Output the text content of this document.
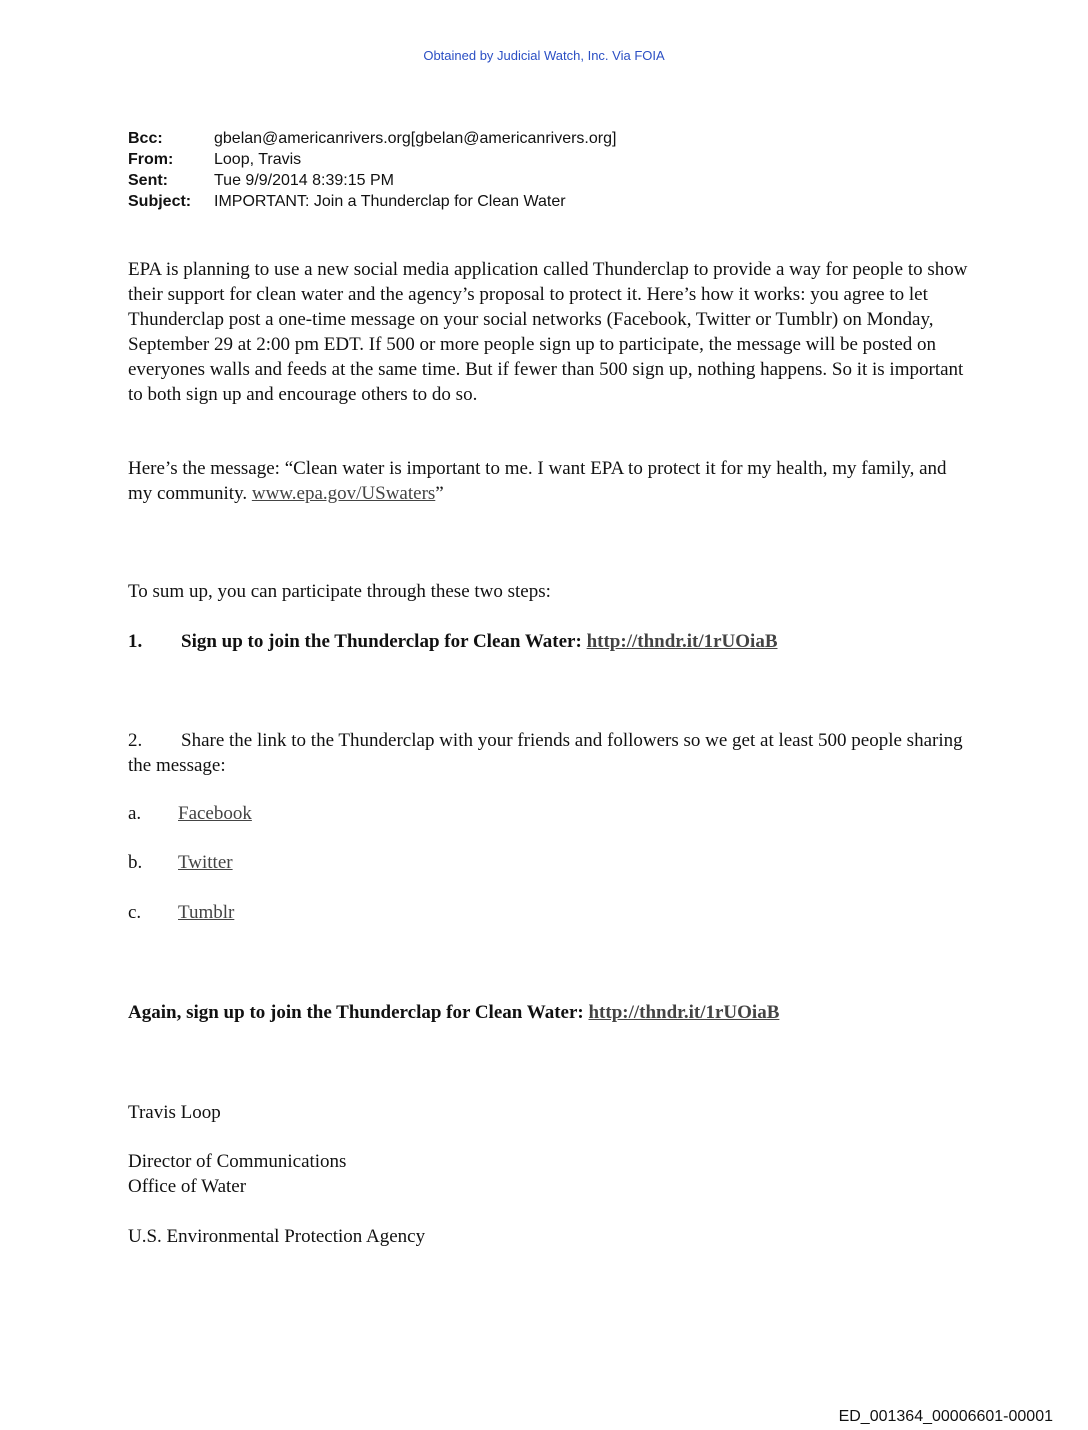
Obtained by Judicial Watch, Inc. Via FOIA
Bcc:	gbelan@americanrivers.org[gbelan@americanrivers.org]
From:	Loop, Travis
Sent:	Tue 9/9/2014 8:39:15 PM
Subject:	IMPORTANT: Join a Thunderclap for Clean Water
EPA is planning to use a new social media application called Thunderclap to provide a way for people to show their support for clean water and the agency’s proposal to protect it. Here’s how it works: you agree to let Thunderclap post a one-time message on your social networks (Facebook, Twitter or Tumblr) on Monday, September 29 at 2:00 pm EDT. If 500 or more people sign up to participate, the message will be posted on everyones walls and feeds at the same time. But if fewer than 500 sign up, nothing happens. So it is important to both sign up and encourage others to do so.
Here’s the message: “Clean water is important to me. I want EPA to protect it for my health, my family, and my community. www.epa.gov/USwaters”
To sum up, you can participate through these two steps:
1. Sign up to join the Thunderclap for Clean Water: http://thndr.it/1rUOiaB
2. Share the link to the Thunderclap with your friends and followers so we get at least 500 people sharing the message:
a. Facebook
b. Twitter
c. Tumblr
Again, sign up to join the Thunderclap for Clean Water: http://thndr.it/1rUOiaB
Travis Loop
Director of Communications
Office of Water
U.S. Environmental Protection Agency
ED_001364_00006601-00001
